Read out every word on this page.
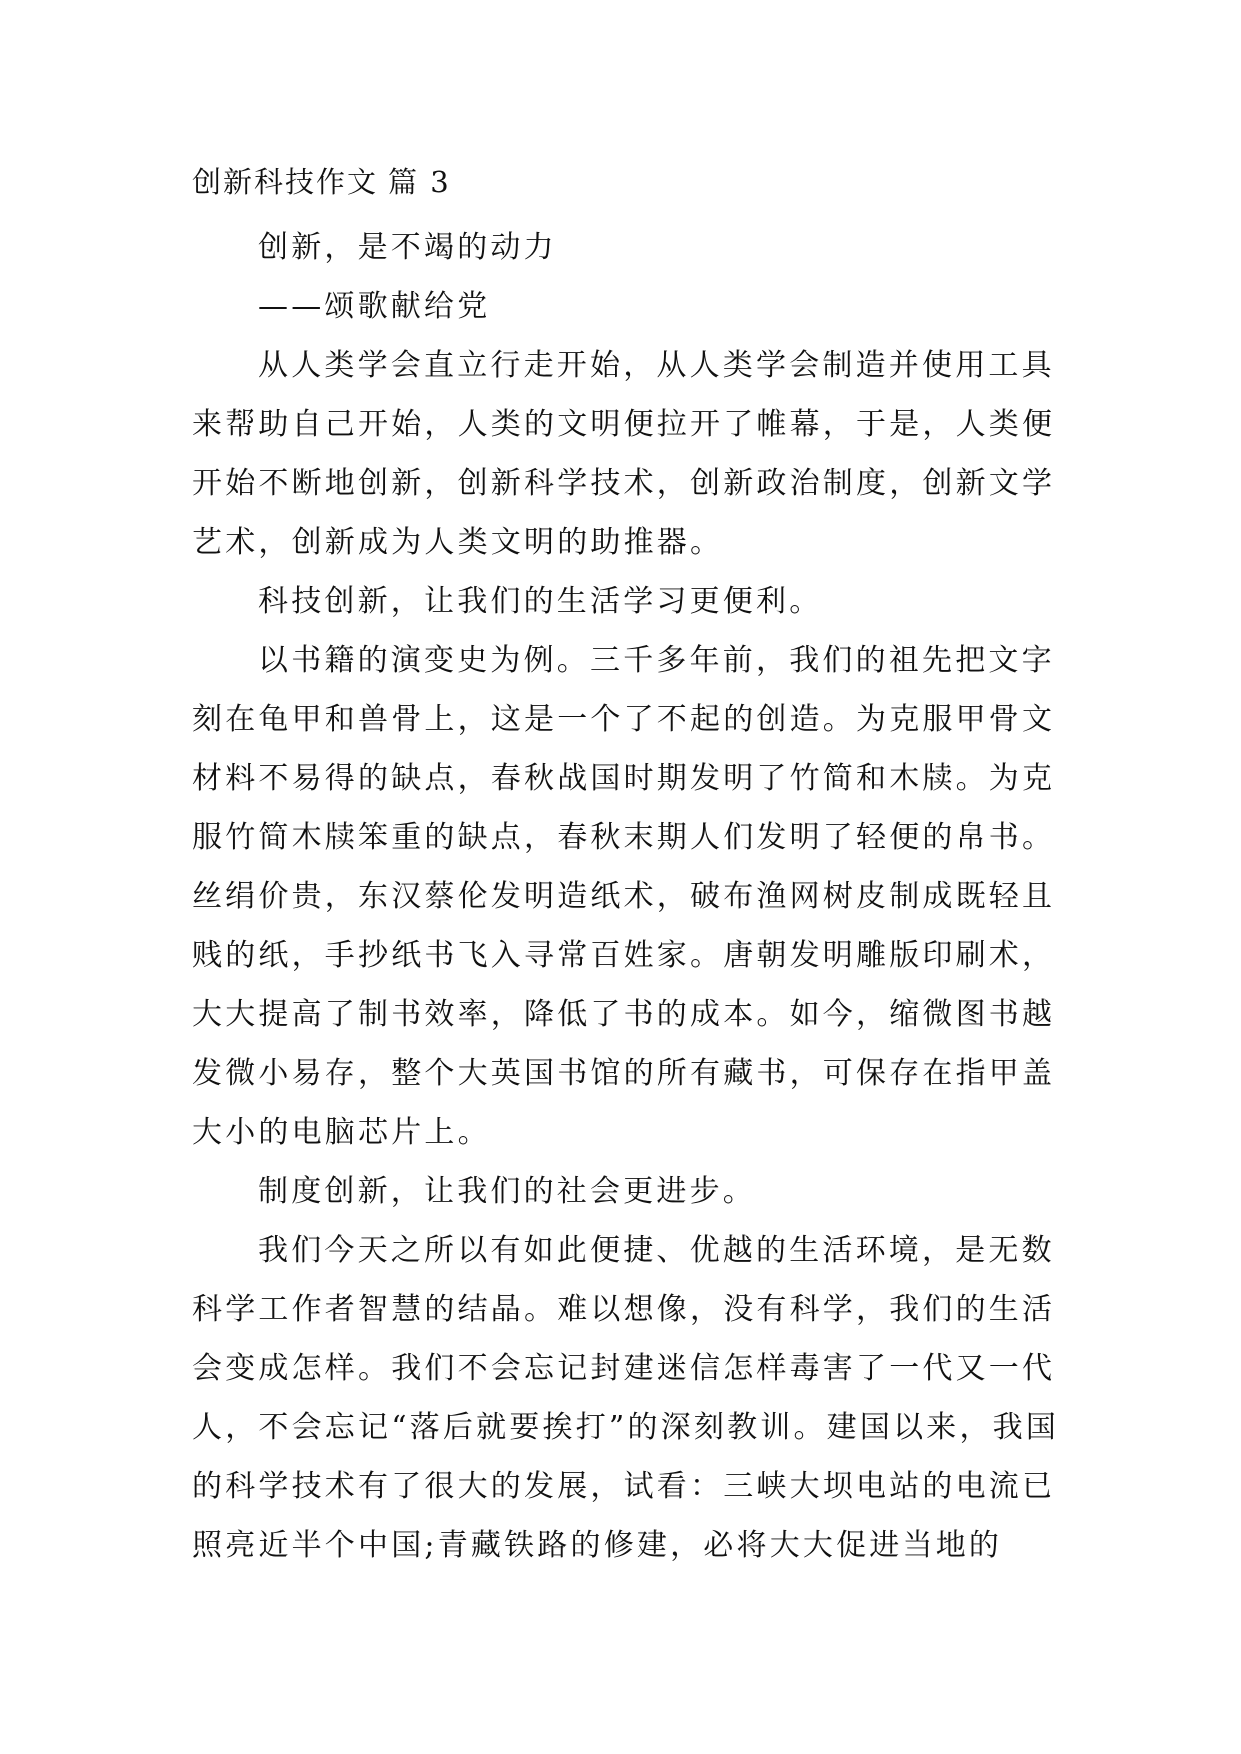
创新科技作文 篇 3

创新，是不竭的动力

——颂歌献给党

从人类学会直立行走开始，从人类学会制造并使用工具来帮助自己开始，人类的文明便拉开了帷幕，于是，人类便开始不断地创新，创新科学技术，创新政治制度，创新文学艺术，创新成为人类文明的助推器。

科技创新，让我们的生活学习更便利。

以书籍的演变史为例。三千多年前，我们的祖先把文字刻在龟甲和兽骨上，这是一个了不起的创造。为克服甲骨文材料不易得的缺点，春秋战国时期发明了竹简和木牍。为克服竹简木牍笨重的缺点，春秋末期人们发明了轻便的帛书。丝绢价贵，东汉蔡伦发明造纸术，破布渔网树皮制成既轻且贱的纸，手抄纸书飞入寻常百姓家。唐朝发明雕版印刷术，大大提高了制书效率，降低了书的成本。如今，缩微图书越发微小易存，整个大英国书馆的所有藏书，可保存在指甲盖大小的电脑芯片上。

制度创新，让我们的社会更进步。

我们今天之所以有如此便捷、优越的生活环境，是无数科学工作者智慧的结晶。难以想像，没有科学，我们的生活会变成怎样。我们不会忘记封建迷信怎样毒害了一代又一代人，不会忘记“落后就要挨打”的深刻教训。建国以来，我国的科学技术有了很大的发展，试看：三峡大坝电站的电流已照亮近半个中国;青藏铁路的修建，必将大大促进当地的
